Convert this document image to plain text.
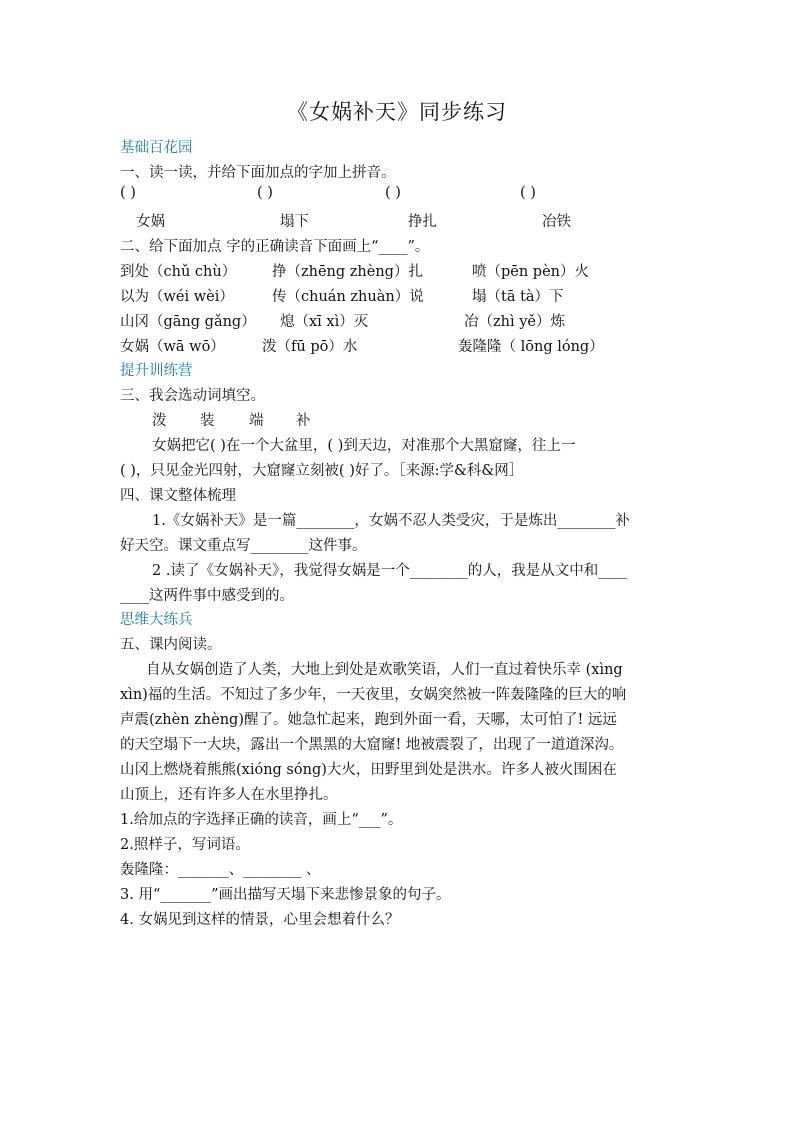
《女娲补天》同步练习
基础百花园
一、读一读，并给下面加点的字加上拼音。
( )	( )	( )	( )
女娲	塌下	挣扎	冶铁
二、给下面加点 字的正确读音下面画上“____”。
到处（chǔ chù） 挣（zhēng zhèng）扎	喷（pēn pèn）火
以为（wéi wèi）	传（chuán zhuàn）说	塌（tā tà）下
山冈（gāng gǎng） 熄（xī xì）灭	冶（zhì yě）炼
女娲（wā wō）	泼（fū pō）水	轰隆隆（ lōng lóng）
提升训练营
三、我会选动词填空。
泼 装 端 补
女娲把它( )在一个大盆里，( )到天边，对准那个大黑窟窿，往上一
( )，只见金光四射，大窟窿立刻被( )好了。［来源:学&科&网］
四、课文整体梳理
1.《女娲补天》是一篇________，女娲不忍人类受灾，于是炼出________补
好天空。课文重点写________这件事。
2 .读了《女娲补天》，我觉得女娲是一个________的人，我是从文中和____
____这两件事中感受到的。
思维大练兵
五、课内阅读。
自从女娲创造了人类，大地上到处是欢歌笑语，人们一直过着快乐幸 (xìng
xìn)福的生活。不知过了多少年，一天夜里，女娲突然被一阵轰隆隆的巨大的响
声震(zhèn zhèng)醒了。她急忙起来，跑到外面一看，天哪，太可怕了! 远远
的天空塌下一大块，露出一个黑黑的大窟窿! 地被震裂了，出现了一道道深沟。
山冈上燃烧着熊熊(xióng sóng)大火，田野里到处是洪水。许多人被火围困在
山顶上，还有许多人在水里挣扎。
1.给加点的字选择正确的读音，画上“___”。
2.照样子，写词语。
轰隆隆：_______、________ 、
3. 用“_______”画出描写天塌下来悲惨景象的句子。
4. 女娲见到这样的情景，心里会想着什么？
